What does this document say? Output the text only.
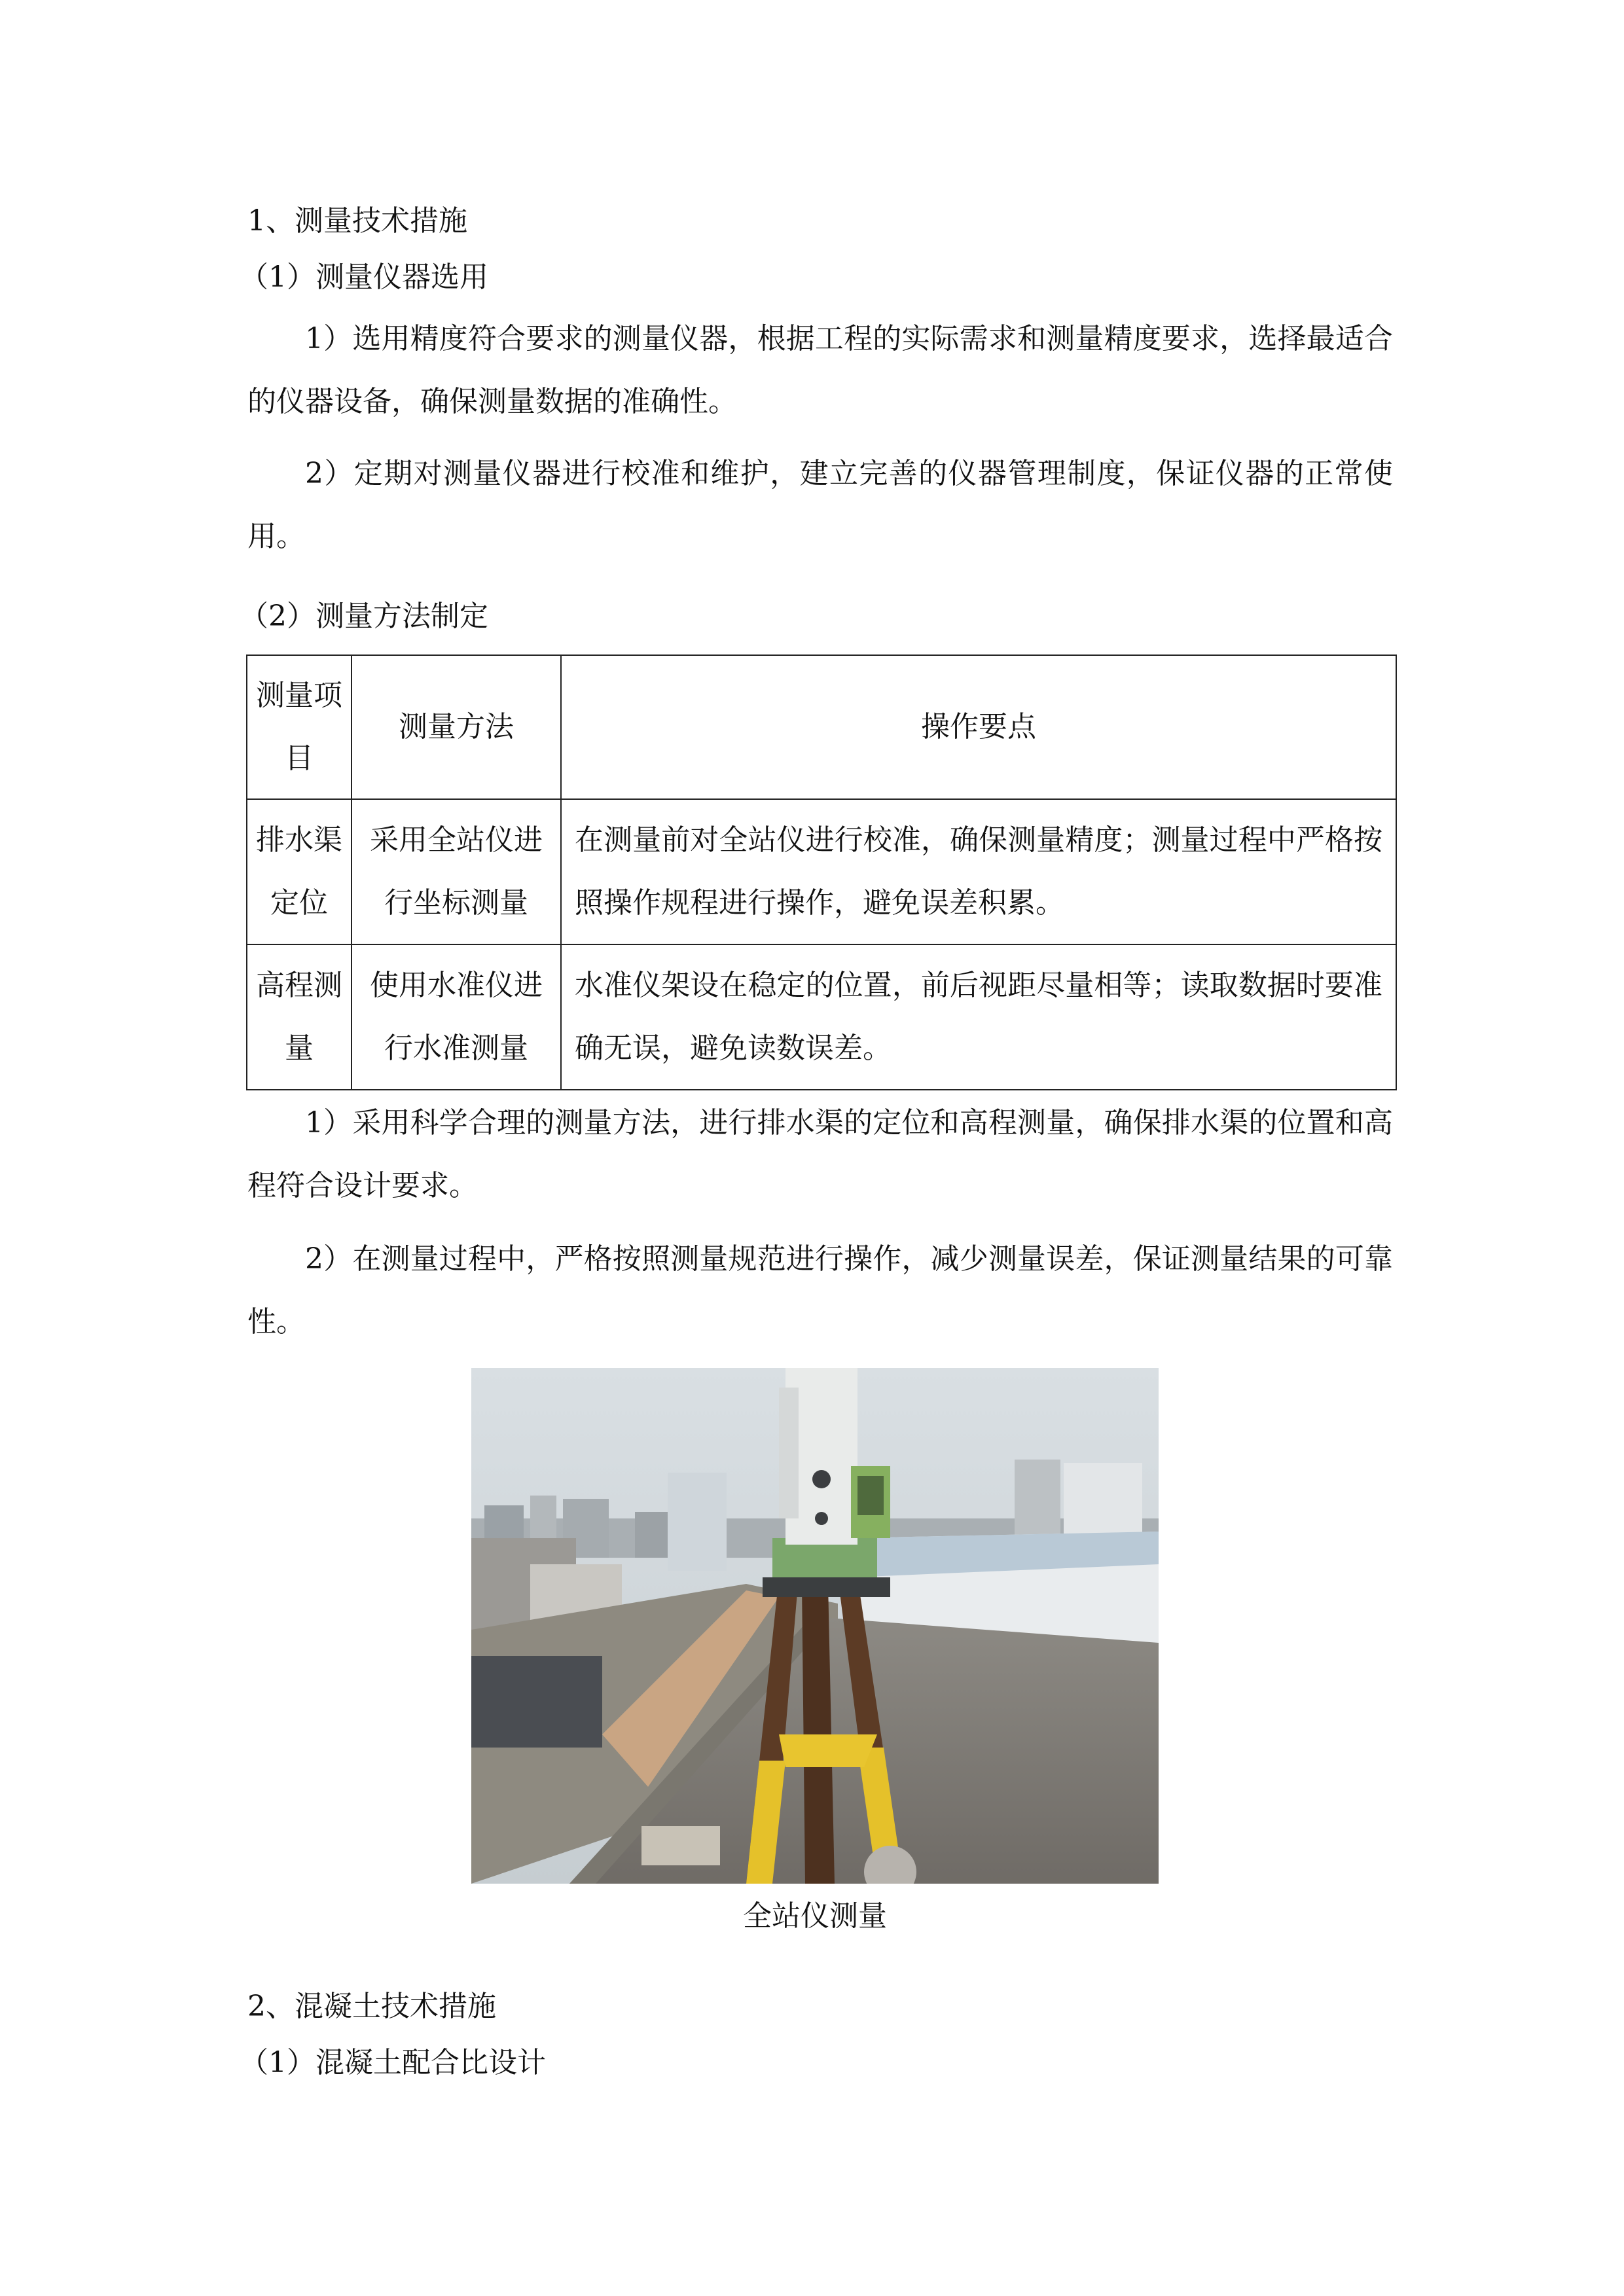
1、测量技术措施
（1）测量仪器选用
1）选用精度符合要求的测量仪器，根据工程的实际需求和测量精度要求，选择最适合的仪器设备，确保测量数据的准确性。
2）定期对测量仪器进行校准和维护，建立完善的仪器管理制度，保证仪器的正常使用。
（2）测量方法制定
测量项目	测量方法	操作要点
排水渠定位	采用全站仪进行坐标测量	在测量前对全站仪进行校准，确保测量精度；测量过程中严格按照操作规程进行操作，避免误差积累。
高程测量	使用水准仪进行水准测量	水准仪架设在稳定的位置，前后视距尽量相等；读取数据时要准确无误，避免读数误差。
1）采用科学合理的测量方法，进行排水渠的定位和高程测量，确保排水渠的位置和高程符合设计要求。
2）在测量过程中，严格按照测量规范进行操作，减少测量误差，保证测量结果的可靠性。
全站仪测量
2、混凝土技术措施
（1）混凝土配合比设计
